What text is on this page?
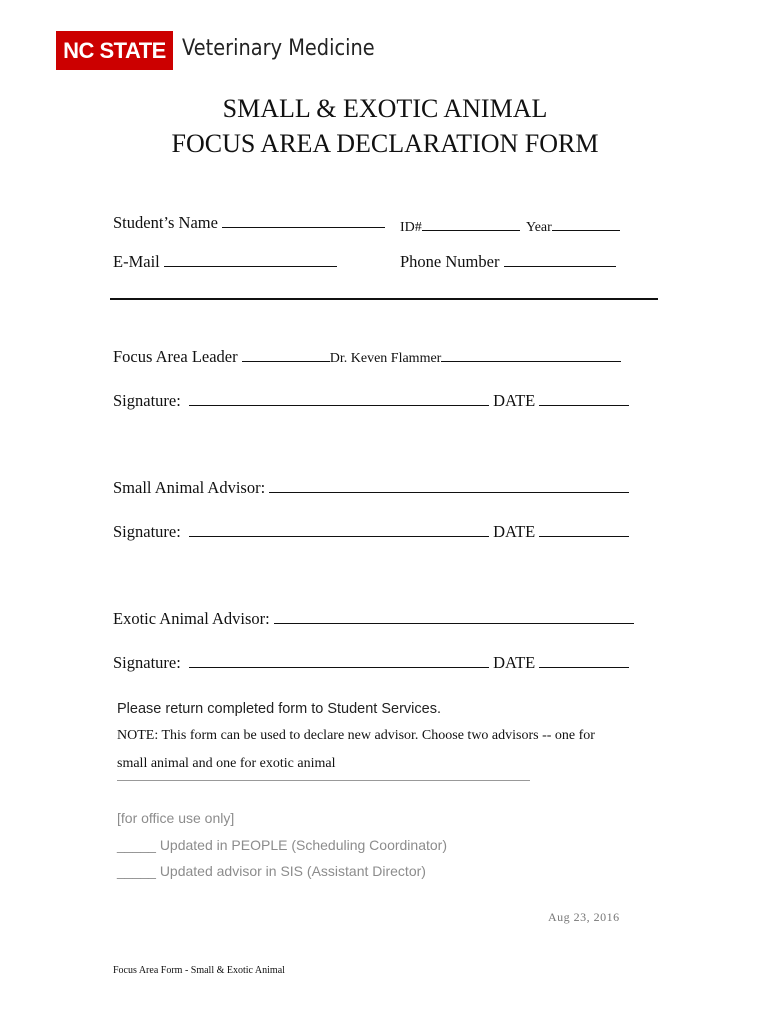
NC STATE Veterinary Medicine
SMALL & EXOTIC ANIMAL
FOCUS AREA DECLARATION FORM
Student’s Name	ID#	Year
E-Mail	Phone Number
Focus Area Leader	Dr. Keven Flammer
Signature:	DATE
Small Animal Advisor:
Signature:	DATE
Exotic Animal Advisor:
Signature:	DATE
Please return completed form to Student Services.
NOTE: This form can be used to declare new advisor. Choose two advisors -- one for
small animal and one for exotic animal
[for office use only]
_____ Updated in PEOPLE (Scheduling Coordinator)
_____ Updated advisor in SIS (Assistant Director)
Aug 23, 2016
Focus Area Form - Small & Exotic Animal
